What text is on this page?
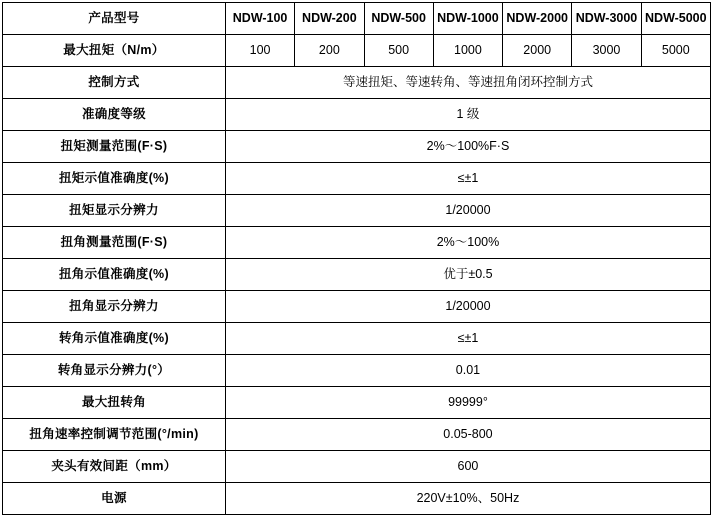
产品型号	NDW-100	NDW-200	NDW-500	NDW-1000	NDW-2000	NDW-3000	NDW-5000
最大扭矩（N/m）	100	200	500	1000	2000	3000	5000
控制方式	等速扭矩、等速转角、等速扭角闭环控制方式						
准确度等级	1 级						
扭矩测量范围(F·S)	2%～100%F·S						
扭矩示值准确度(%)	≤±1						
扭矩显示分辨力	1/20000						
扭角测量范围(F·S)	2%～100%						
扭角示值准确度(%)	优于±0.5						
扭角显示分辨力	1/20000						
转角示值准确度(%)	≤±1						
转角显示分辨力(°）	0.01						
最大扭转角	99999°						
扭角速率控制调节范围(°/min)	0.05-800						
夹头有效间距（mm）	600						
电源	220V±10%、50Hz						
